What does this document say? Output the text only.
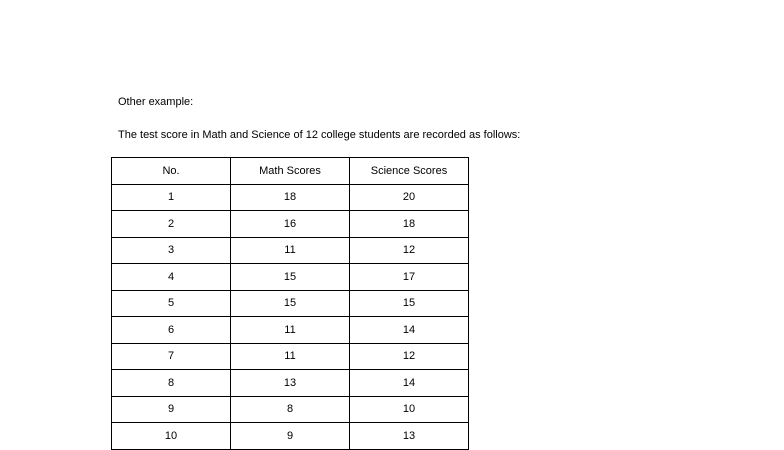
Other example:
The test score in Math and Science of 12 college students are recorded as follows:
No.	Math Scores	Science Scores
1	18	20
2	16	18
3	11	12
4	15	17
5	15	15
6	11	14
7	11	12
8	13	14
9	8	10
10	9	13
